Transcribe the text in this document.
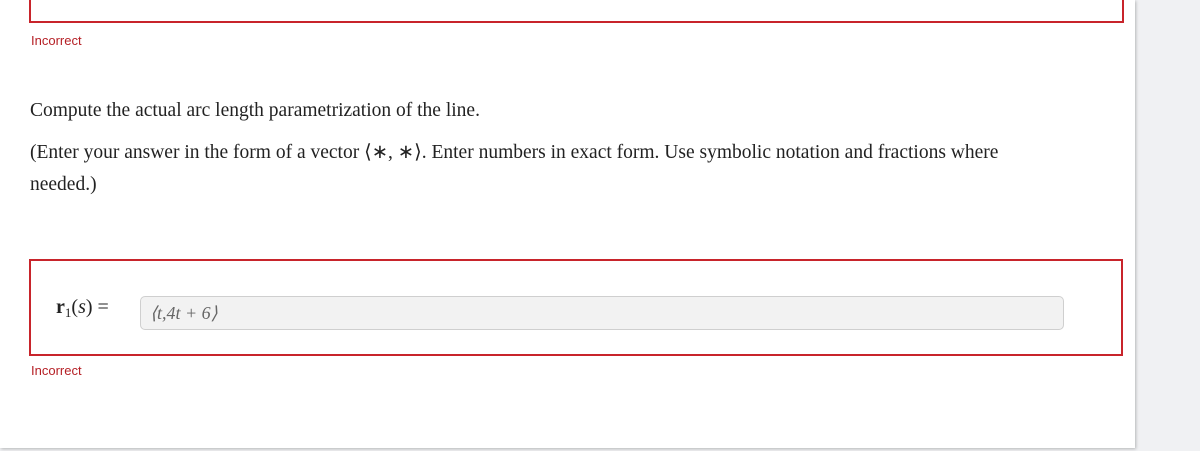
Incorrect
Compute the actual arc length parametrization of the line.
(Enter your answer in the form of a vector ⟨∗, ∗⟩. Enter numbers in exact form. Use symbolic notation and fractions where
needed.)
$r_1(s)$ =	⟨t,4t + 6⟩
Incorrect
